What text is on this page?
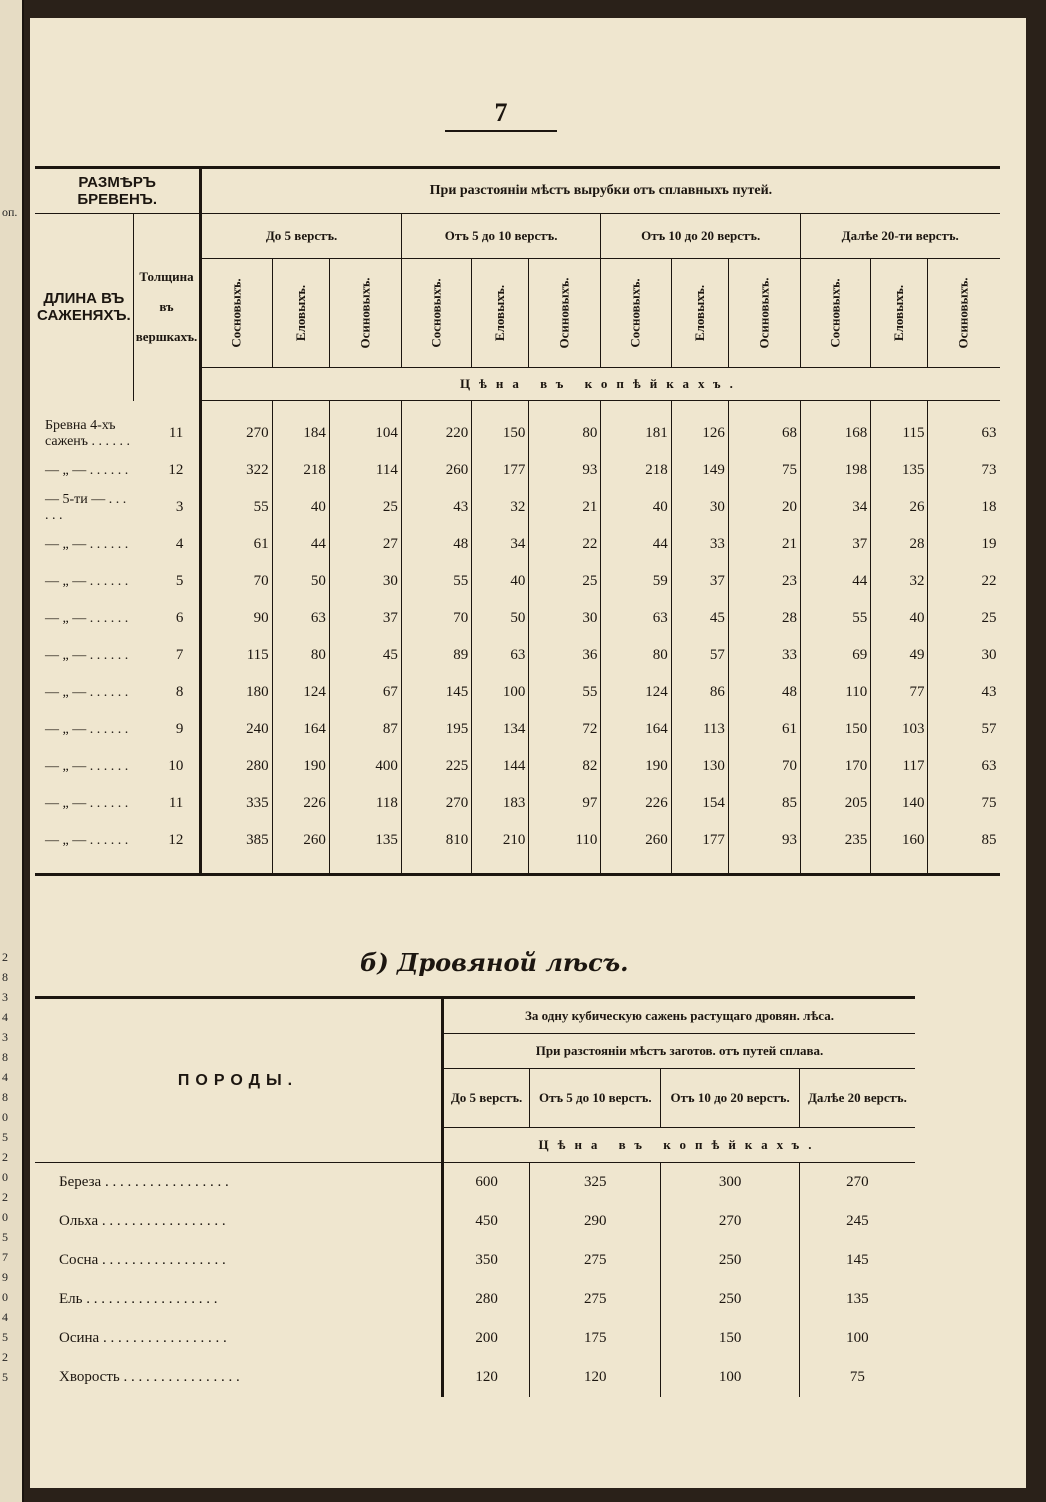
оп.
2
8
3
4
3
8
4
8
0
5
2
0
2
0
5
7
9
0
4
5
2
5
7
РАЗМѢРЪ БРЕВЕНЪ.		При разстоянiи мѣстъ вырубки отъ сплавныхъ путей.											
ДЛИНА ВЪ САЖЕНЯХЪ.	Толщина
въ
вершкахъ.	До 5 верстъ.			Отъ 5 до 10 верстъ.			Отъ 10 до 20 верстъ.			Далѣе 20-ти верстъ.		
		Сосновыхъ.	Еловыхъ.	Осиновыхъ.	Сосновыхъ.	Еловыхъ.	Осиновыхъ.	Сосновыхъ.	Еловыхъ.	Осиновыхъ.	Сосновыхъ.	Еловыхъ.	Осиновыхъ.
		Цѣна въ копѣйкахъ.											

Бревна 4-хъ саженъ . . . . . .	11	270	184	104	220	150	80	181	126	68	168	115	63
— „ — . . . . . .	12	322	218	114	260	177	93	218	149	75	198	135	73
— 5-ти — . . . . . .	3	55	40	25	43	32	21	40	30	20	34	26	18
— „ — . . . . . .	4	61	44	27	48	34	22	44	33	21	37	28	19
— „ — . . . . . .	5	70	50	30	55	40	25	59	37	23	44	32	22
— „ — . . . . . .	6	90	63	37	70	50	30	63	45	28	55	40	25
— „ — . . . . . .	7	115	80	45	89	63	36	80	57	33	69	49	30
— „ — . . . . . .	8	180	124	67	145	100	55	124	86	48	110	77	43
— „ — . . . . . .	9	240	164	87	195	134	72	164	113	61	150	103	57
— „ — . . . . . .	10	280	190	400	225	144	82	190	130	70	170	117	63
— „ — . . . . . .	11	335	226	118	270	183	97	226	154	85	205	140	75
— „ — . . . . . .	12	385	260	135	810	210	110	260	177	93	235	160	85

б) Дровяной лѣсъ.
ПОРОДЫ.	За одну кубическую сажень растущаго дровян. лѣса.			
	При разстоянiи мѣстъ заготов. отъ путей сплава.			
	До 5 верстъ.	Отъ 5 до 10 верстъ.	Отъ 10 до 20 верстъ.	Далѣе 20 верстъ.
	Цѣна въ копѣйкахъ.			
Береза . . . . . . . . . . . . . . . . .	600	325	300	270
Ольха . . . . . . . . . . . . . . . . .	450	290	270	245
Сосна . . . . . . . . . . . . . . . . .	350	275	250	145
Ель . . . . . . . . . . . . . . . . . .	280	275	250	135
Осина . . . . . . . . . . . . . . . . .	200	175	150	100
Хворость . . . . . . . . . . . . . . . .	120	120	100	75
